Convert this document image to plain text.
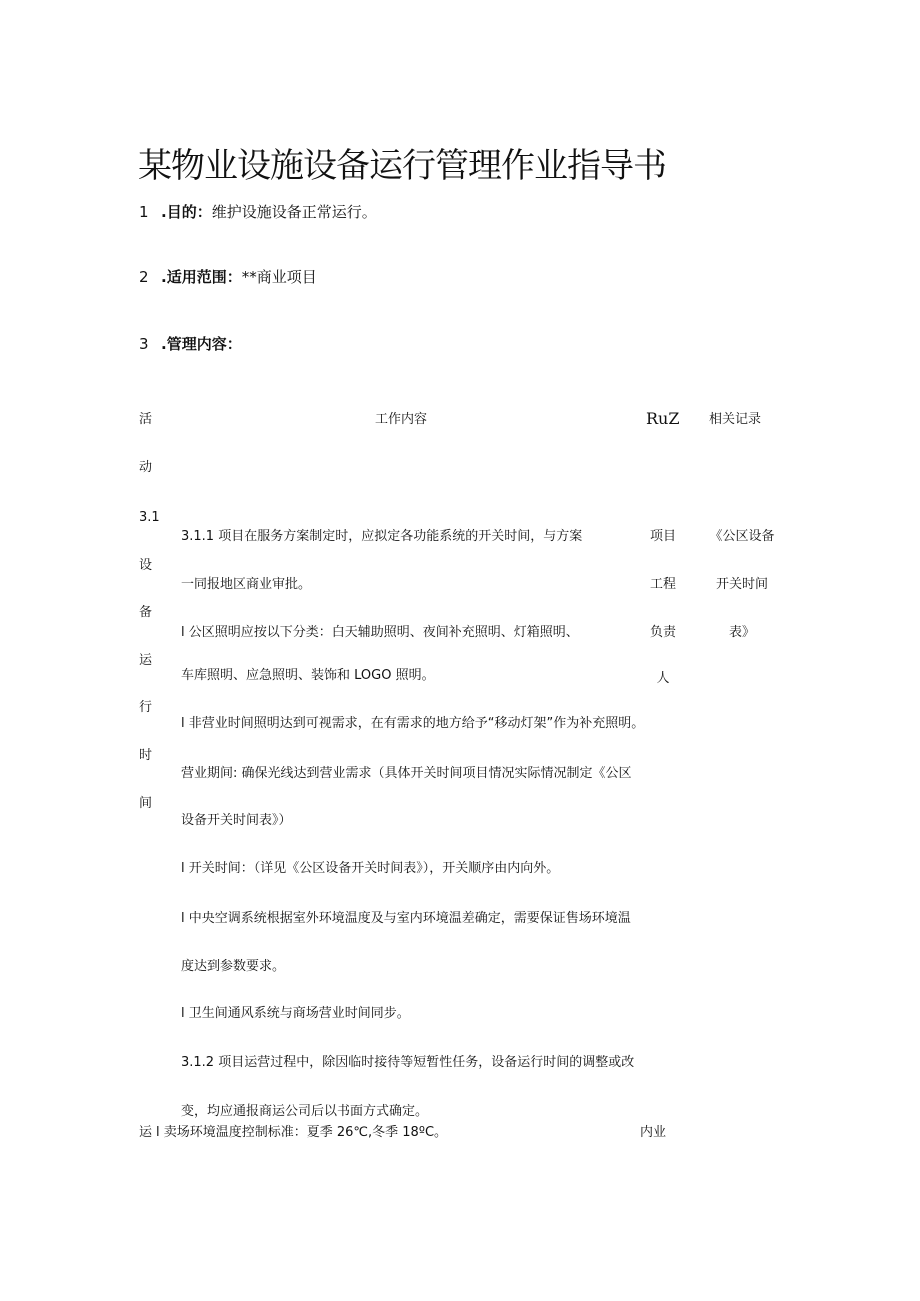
某物业设施设备运行管理作业指导书
1 .目的：维护设施设备正常运行。
2 .适用范围：**商业项目
3 .管理内容：
活
动
工作内容	RuZ 相关记录
3.1
设
备
运
行
时
间
3.1.1 项目在服务方案制定时，应拟定各功能系统的开关时间，与方案
一同报地区商业审批。
l 公区照明应按以下分类：白天辅助照明、夜间补充照明、灯箱照明、
车库照明、应急照明、装饰和 LOGO 照明。
l 非营业时间照明达到可视需求，在有需求的地方给予“移动灯架”作为补充照明。
营业期间: 确保光线达到营业需求（具体开关时间项目情况实际情况制定《公区
设备开关时间表》）
l 开关时间：（详见《公区设备开关时间表》），开关顺序由内向外。
l 中央空调系统根据室外环境温度及与室内环境温差确定，需要保证售场环境温
度达到参数要求。
l 卫生间通风系统与商场营业时间同步。
3.1.2 项目运营过程中，除因临时接待等短暂性任务，设备运行时间的调整或改
变，均应通报商运公司后以书面方式确定。
项目
工程
负责
人
《公区设备
开关时间
表》
运 l 卖场环境温度控制标准：夏季 26℃,冬季 18ºC。	内业
